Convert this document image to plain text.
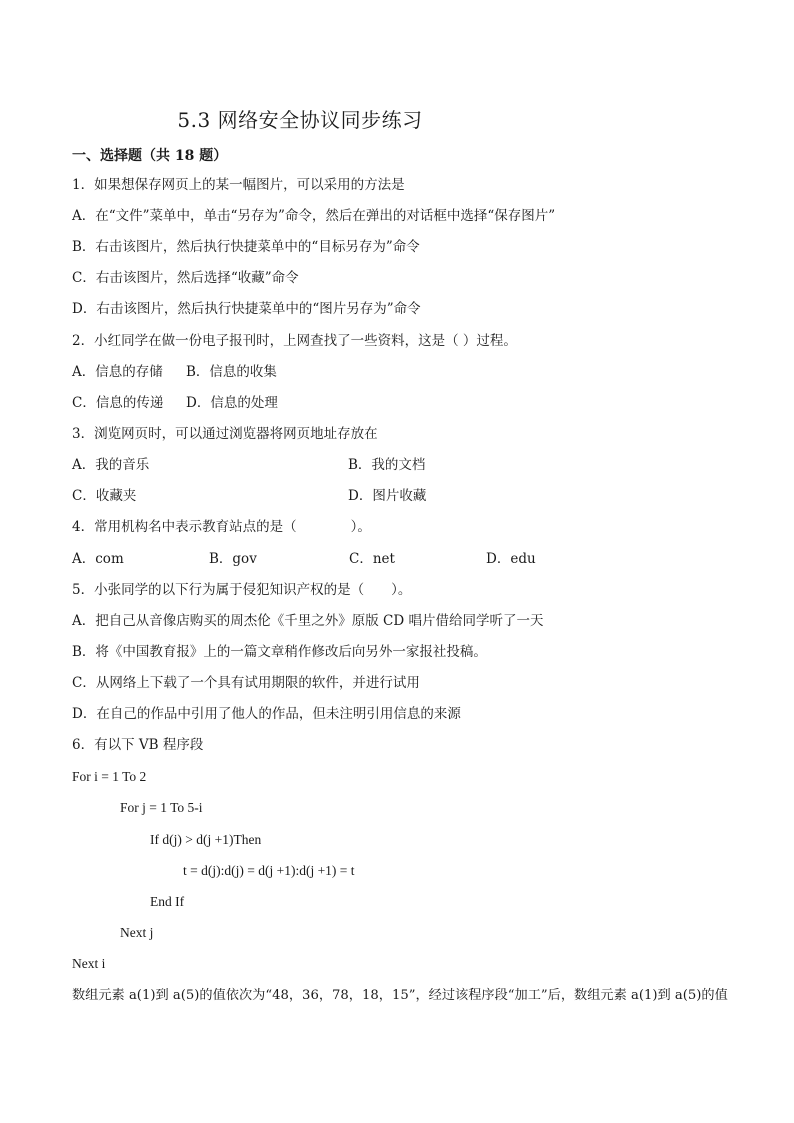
5.3 网络安全协议同步练习
一、选择题（共 18 题）
1．如果想保存网页上的某一幅图片，可以采用的方法是
A．在“文件”菜单中，单击“另存为”命令，然后在弹出的对话框中选择“保存图片”
B．右击该图片，然后执行快捷菜单中的“目标另存为”命令
C．右击该图片，然后选择“收藏”命令
D．右击该图片，然后执行快捷菜单中的“图片另存为”命令
2．小红同学在做一份电子报刊时，上网查找了一些资料，这是（ ）过程。
A．信息的存储 B．信息的收集
C．信息的传递 D．信息的处理
3．浏览网页时，可以通过浏览器将网页地址存放在
A．我的音乐	B．我的文档
C．收藏夹	D．图片收藏
4．常用机构名中表示教育站点的是（　　　　）。
A．com	B．gov	C．net	D．edu
5．小张同学的以下行为属于侵犯知识产权的是（　　）。
A．把自己从音像店购买的周杰伦《千里之外》原版 CD 唱片借给同学听了一天
B．将《中国教育报》上的一篇文章稍作修改后向另外一家报社投稿。
C．从网络上下载了一个具有试用期限的软件，并进行试用
D．在自己的作品中引用了他人的作品，但未注明引用信息的来源
6．有以下 VB 程序段
For i = 1 To 2
For j = 1 To 5-i
If d(j) > d(j +1)Then
t = d(j):d(j) = d(j +1):d(j +1) = t
End If
Next j
Next i
数组元素 a(1)到 a(5)的值依次为“48，36，78，18，15”，经过该程序段“加工”后，数组元素 a(1)到 a(5)的值
